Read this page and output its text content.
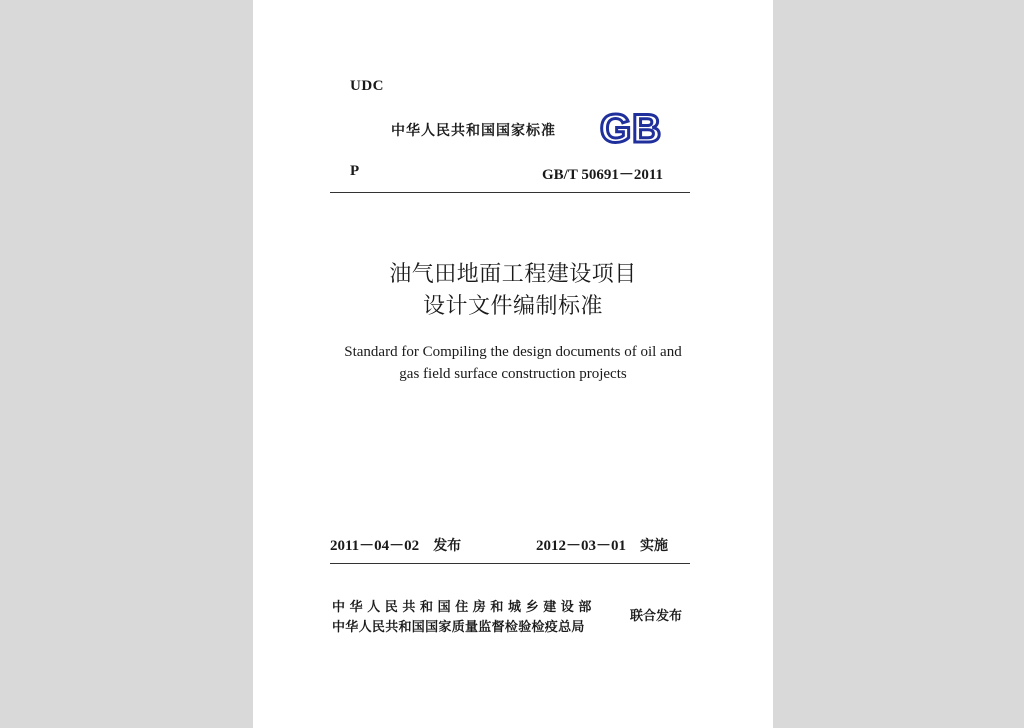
UDC
中华人民共和国国家标准 GB
P	GB/T 50691－2011
油气田地面工程建设项目
设计文件编制标准
Standard for Compiling the design documents of oil and
gas field surface construction projects
2011－04－02 发布	2012－03－01 实施
中华人民共和国住房和城乡建设部
中华人民共和国国家质量监督检验检疫总局
联合发布
